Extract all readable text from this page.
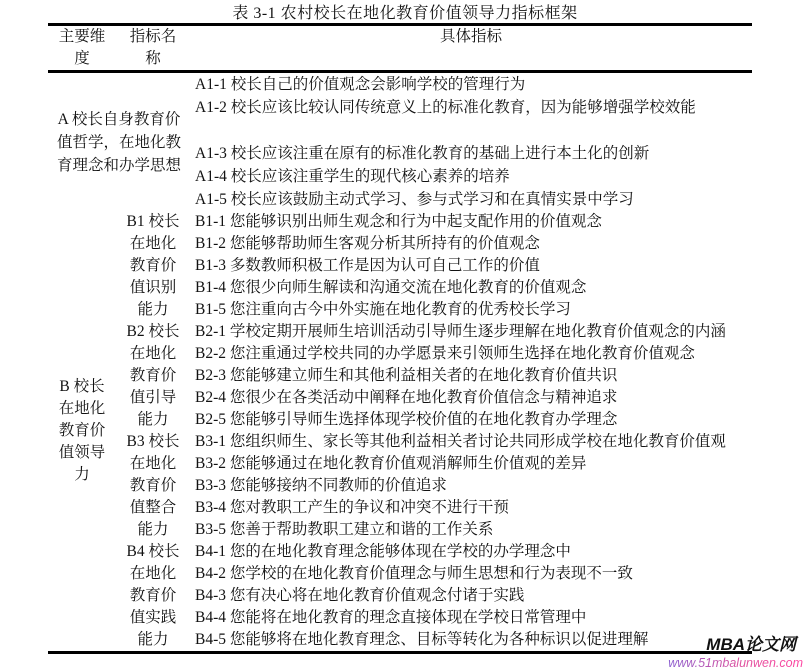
表 3-1 农村校长在地化教育价值领导力指标框架
主要维度
指标名称
具体指标
A 校长自身教育价值哲学，在地化教育理念和办学思想
A1-1 校长自己的价值观念会影响学校的管理行为
A1-2 校长应该比较认同传统意义上的标准化教育，因为能够增强学校效能

A1-3 校长应该注重在原有的标准化教育的基础上进行本土化的创新
A1-4 校长应该注重学生的现代核心素养的培养
A1-5 校长应该鼓励主动式学习、参与式学习和在真情实景中学习
B 校长在地化教育价值领导力
B1 校长在地化教育价值识别能力
B1-1 您能够识别出师生观念和行为中起支配作用的价值观念
B1-2 您能够帮助师生客观分析其所持有的价值观念
B1-3 多数教师积极工作是因为认可自己工作的价值
B1-4 您很少向师生解读和沟通交流在地化教育的价值观念
B1-5 您注重向古今中外实施在地化教育的优秀校长学习
B2 校长在地化教育价值引导能力
B2-1 学校定期开展师生培训活动引导师生逐步理解在地化教育价值观念的内涵
B2-2 您注重通过学校共同的办学愿景来引领师生选择在地化教育价值观念
B2-3 您能够建立师生和其他利益相关者的在地化教育价值共识
B2-4 您很少在各类活动中阐释在地化教育价值信念与精神追求
B2-5 您能够引导师生选择体现学校价值的在地化教育办学理念
B3 校长在地化教育价值整合能力
B3-1 您组织师生、家长等其他利益相关者讨论共同形成学校在地化教育价值观
B3-2 您能够通过在地化教育价值观消解师生价值观的差异
B3-3 您能够接纳不同教师的价值追求
B3-4 您对教职工产生的争议和冲突不进行干预
B3-5 您善于帮助教职工建立和谐的工作关系
B4 校长在地化教育价值实践能力
B4-1 您的在地化教育理念能够体现在学校的办学理念中
B4-2 您学校的在地化教育价值理念与师生思想和行为表现不一致
B4-3 您有决心将在地化教育价值观念付诸于实践
B4-4 您能将在地化教育的理念直接体现在学校日常管理中
B4-5 您能够将在地化教育理念、目标等转化为各种标识以促进理解	MBA论文网
www.51mbalunwen.com
